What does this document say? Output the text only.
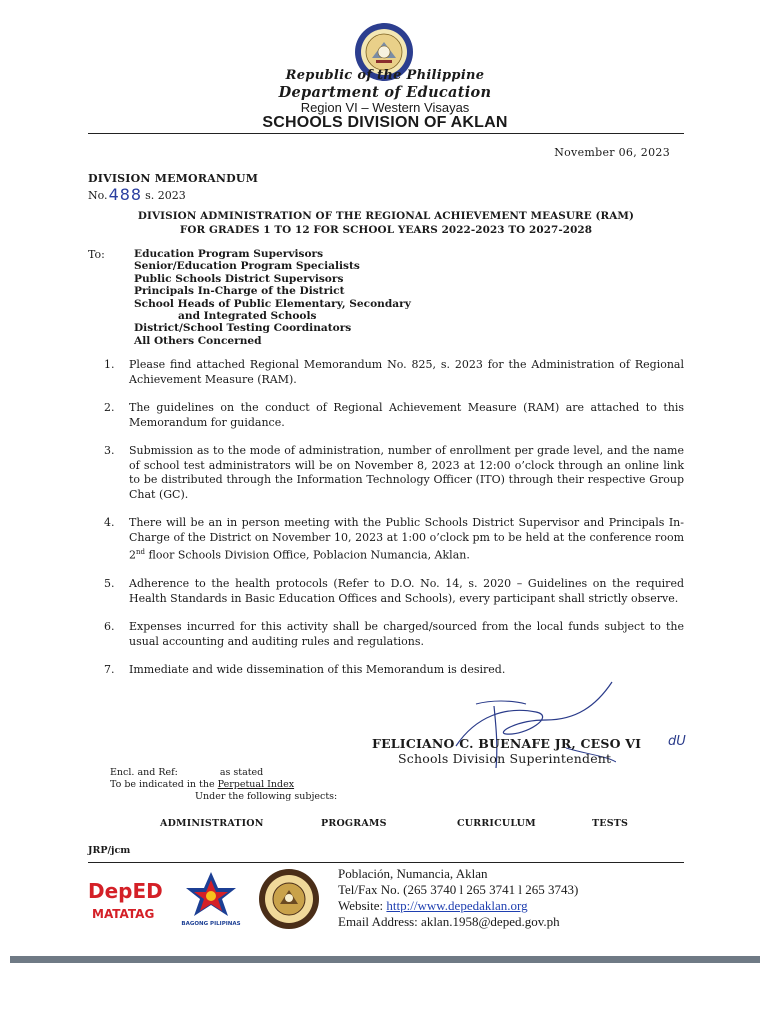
Republic of the Philippine
Department of Education
Region VI – Western Visayas
SCHOOLS DIVISION OF AKLAN
November 06, 2023
DIVISION MEMORANDUM
No.488 s. 2023
DIVISION ADMINISTRATION OF THE REGIONAL ACHIEVEMENT MEASURE (RAM)
FOR GRADES 1 TO 12 FOR SCHOOL YEARS 2022-2023 TO 2027-2028
To:	Education Program Supervisors
Senior/Education Program Specialists
Public Schools District Supervisors
Principals In-Charge of the District
School Heads of Public Elementary, Secondary
and Integrated Schools
District/School Testing Coordinators
All Others Concerned
1. Please find attached Regional Memorandum No. 825, s. 2023 for the Administration of Regional Achievement Measure (RAM).
2. The guidelines on the conduct of Regional Achievement Measure (RAM) are attached to this Memorandum for guidance.
3. Submission as to the mode of administration, number of enrollment per grade level, and the name of school test administrators will be on November 8, 2023 at 12:00 o’clock through an online link to be distributed through the Information Technology Officer (ITO) through their respective Group Chat (GC).
4. There will be an in person meeting with the Public Schools District Supervisor and Principals In-Charge of the District on November 10, 2023 at 1:00 o’clock pm to be held at the conference room 2nd floor Schools Division Office, Poblacion Numancia, Aklan.
5. Adherence to the health protocols (Refer to D.O. No. 14, s. 2020 – Guidelines on the required Health Standards in Basic Education Offices and Schools), every participant shall strictly observe.
6. Expenses incurred for this activity shall be charged/sourced from the local funds subject to the usual accounting and auditing rules and regulations.
7. Immediate and wide dissemination of this Memorandum is desired.
FELICIANO C. BUENAFE JR, CESO VI dU
Schools Division Superintendent
Encl. and Ref:	as stated
To be indicated in the Perpetual Index
Under the following subjects:
ADMINISTRATION	PROGRAMS	CURRICULUM	TESTS
JRP/jcm
DepED
MATATAG
BAGONG PILIPINAS
Población, Numancia, Aklan
Tel/Fax No. (265 3740 l 265 3741 l 265 3743)
Website: http://www.depedaklan.org
Email Address: aklan.1958@deped.gov.ph
